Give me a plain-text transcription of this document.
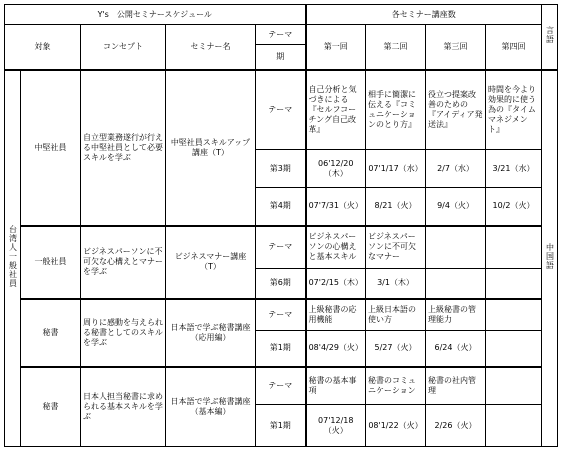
Y's　公開セミナースケジュール					各セミナー講座数				言語
対象		コンセプト	セミナー名	テーマ	第一回	第二回	第三回	第四回	
				期					
台湾人一般社員	中堅社員	自立型業務遂行が行える中堅社員として必要スキルを学ぶ	中堅社員スキルアップ講座（T）	テーマ	自己分析と気づきによる『セルフコーチング自己改革』	相手に簡潔に伝える『コミュニケーションのとり方』	役立つ提案改善のための『アイディア発送法』	時間を今より効果的に使う為の『タイムマネジメント』	中国語
				第3期	06'12/20（木）	07'1/17（水）	2/7（水）	3/21（水）	
				第4期	07'7/31（火）	8/21（火）	9/4（火）	10/2（火）	
	一般社員	ビジネスパーソンに不可欠な心構えとマナーを学ぶ	ビジネスマナー講座（T）	テーマ	ビジネスパーソンの心構えと基本スキル	ビジネスパーソンに不可欠なマナー			
				第6期	07'2/15（木）	3/1（木）			
	秘書	周りに感動を与えられる秘書としてのスキルを学ぶ	日本語で学ぶ秘書講座（応用編）	テーマ	上級秘書の応用機能	上級日本語の使い方	上級秘書の管理能力		
				第1期	08'4/29（火）	5/27（火）	6/24（火）		
	秘書	日本人担当秘書に求められる基本スキルを学ぶ	日本語で学ぶ秘書講座（基本編）	テーマ	秘書の基本事項	秘書のコミュニケーション	秘書の社内管理		
				第1期	07'12/18（火）	08'1/22（火）	2/26（火）		
